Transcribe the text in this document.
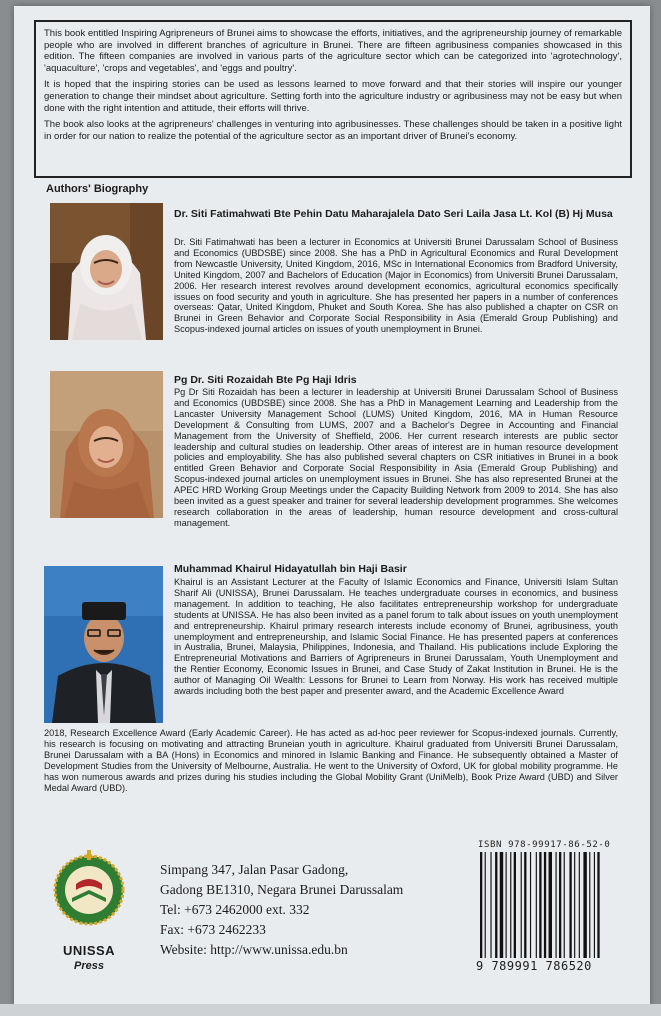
This book entitled Inspiring Agripreneurs of Brunei aims to showcase the efforts, initiatives, and the agripreneurship journey of remarkable people who are involved in different branches of agriculture in Brunei. There are fifteen agribusiness companies showcased in this edition. The fifteen companies are involved in various parts of the agriculture sector which can be categorized into 'agrotechnology', 'aquaculture', 'crops and vegetables', and 'eggs and poultry'.

It is hoped that the inspiring stories can be used as lessons learned to move forward and that their stories will inspire our younger generation to change their mindset about agriculture. Setting forth into the agriculture industry or agribusiness may not be easy but when done with the right intention and attitude, their efforts will thrive.

The book also looks at the agripreneurs' challenges in venturing into agribusinesses. These challenges should be taken in a positive light in order for our nation to realize the potential of the agriculture sector as an important driver of Brunei's economy.

Authors' Biography
Dr. Siti Fatimahwati Bte Pehin Datu Maharajalela Dato Seri Laila Jasa Lt. Kol (B) Hj Musa
Dr. Siti Fatimahwati has been a lecturer in Economics at Universiti Brunei Darussalam School of Business and Economics (UBDSBE) since 2008. She has a PhD in Agricultural Economics and Rural Development from Newcastle University, United Kingdom, 2016, MSc in International Economics from Bradford University, United Kingdom, 2007 and Bachelors of Education (Major in Economics) from Universiti Brunei Darussalam, 2006. Her research interest revolves around development economics, agricultural economics specifically issues on food security and youth in agriculture. She has presented her papers in a number of conferences overseas: Qatar, United Kingdom, Phuket and South Korea. She has also published a chapter on CSR on Brunei in Green Behavior and Corporate Social Responsibility in Asia (Emerald Group Publishing) and Scopus-indexed journal articles on issues of youth unemployment in Brunei.
Pg Dr. Siti Rozaidah Bte Pg Haji Idris
Pg Dr Siti Rozaidah has been a lecturer in leadership at Universiti Brunei Darussalam School of Business and Economics (UBDSBE) since 2008. She has a PhD in Management Learning and Leadership from the Lancaster University Management School (LUMS) United Kingdom, 2016, MA in Human Resource Development & Consulting from LUMS, 2007 and a Bachelor's Degree in Accounting and Financial Management from the University of Sheffield, 2006. Her current research interests are public sector leadership and cultural studies on leadership. Other areas of interest are in human resource development policies and employability. She has also published several chapters on CSR initiatives in Brunei in a book entitled Green Behavior and Corporate Social Responsibility in Asia (Emerald Group Publishing) and Scopus-indexed journal articles on unemployment issues in Brunei. She has also represented Brunei at the APEC HRD Working Group Meetings under the Capacity Building Network from 2009 to 2014. She has also been invited as a guest speaker and trainer for several leadership development programmes. She welcomes research collaboration in the areas of leadership, human resource development and cross-cultural management.
Muhammad Khairul Hidayatullah bin Haji Basir
Khairul is an Assistant Lecturer at the Faculty of Islamic Economics and Finance, Universiti Islam Sultan Sharif Ali (UNISSA), Brunei Darussalam. He teaches undergraduate courses in economics, and business management. In addition to teaching, He also facilitates entrepreneurship workshop for undergraduate students at UNISSA. He has also been invited as a panel forum to talk about issues on youth unemployment and entrepreneurship. Khairul primary research interests include economy of Brunei, agribusiness, youth unemployment and entrepreneurship, and Islamic Social Finance. He has presented papers at conferences in Australia, Brunei, Malaysia, Philippines, Indonesia, and Thailand. His publications include Exploring the Entrepreneurial Motivations and Barriers of Agripreneurs in Brunei Darussalam, Youth Unemployment and the Rentier Economy, Economic Issues in Brunei, and Case Study of Zakat Institution in Brunei. He is the author of Managing Oil Wealth: Lessons for Brunei to Learn from Norway. His work has received multiple awards including both the best paper and presenter award, and the Academic Excellence Award
2018, Research Excellence Award (Early Academic Career). He has acted as ad-hoc peer reviewer for Scopus-indexed journals. Currently, his research is focusing on motivating and attracting Bruneian youth in agriculture. Khairul graduated from Universiti Brunei Darussalam, Brunei Darussalam with a BA (Hons) in Economics and minored in Islamic Banking and Finance. He subsequently obtained a Master of Development Studies from the University of Melbourne, Australia. He went to the University of Oxford, UK for global mobility programme. He has won numerous awards and prizes during his studies including the Global Mobility Grant (UniMelb), Book Prize Award (UBD) and Silver Medal Award (UBD).
UNISSA
Press
Simpang 347, Jalan Pasar Gadong,
Gadong BE1310, Negara Brunei Darussalam
Tel: +673 2462000 ext. 332
Fax: +673 2462233
Website: http://www.unissa.edu.bn
ISBN 978-99917-86-52-0
9 789991 786520
